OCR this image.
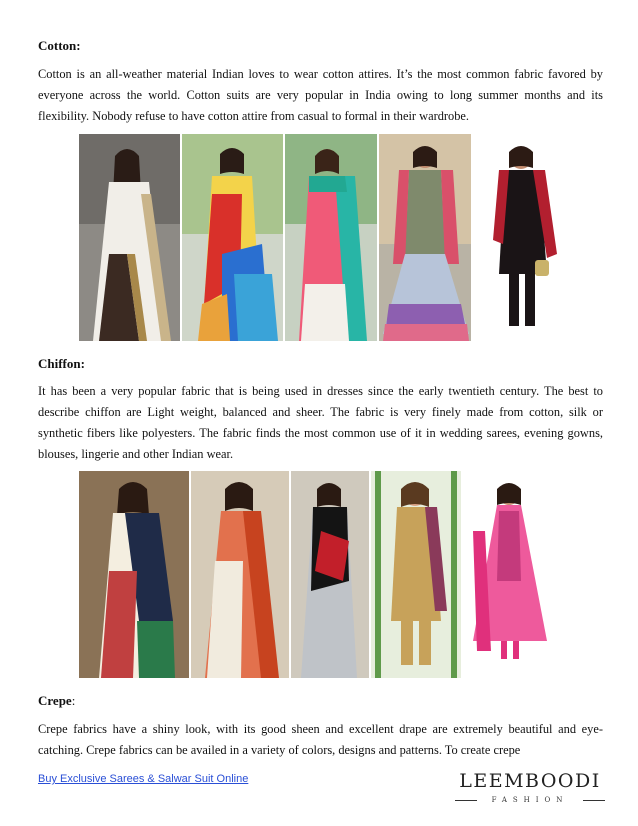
Cotton:
Cotton is an all-weather material Indian loves to wear cotton attires. It’s the most common fabric favored by everyone across the world. Cotton suits are very popular in India owing to long summer months and its flexibility. Nobody refuse to have cotton attire from casual to formal in their wardrobe.
Chiffon:
It has been a very popular fabric that is being used in dresses since the early twentieth century. The best to describe chiffon are Light weight, balanced and sheer. The fabric is very finely made from cotton, silk or synthetic fibers like polyesters. The fabric finds the most common use of it in wedding sarees, evening gowns, blouses, lingerie and other Indian wear.
Crepe:
Crepe fabrics have a shiny look, with its good sheen and excellent drape are extremely beautiful and eye-catching. Crepe fabrics can be availed in a variety of colors, designs and patterns. To create crepe
Buy Exclusive Sarees & Salwar Suit Online	LEEMBOODI
FASHION
